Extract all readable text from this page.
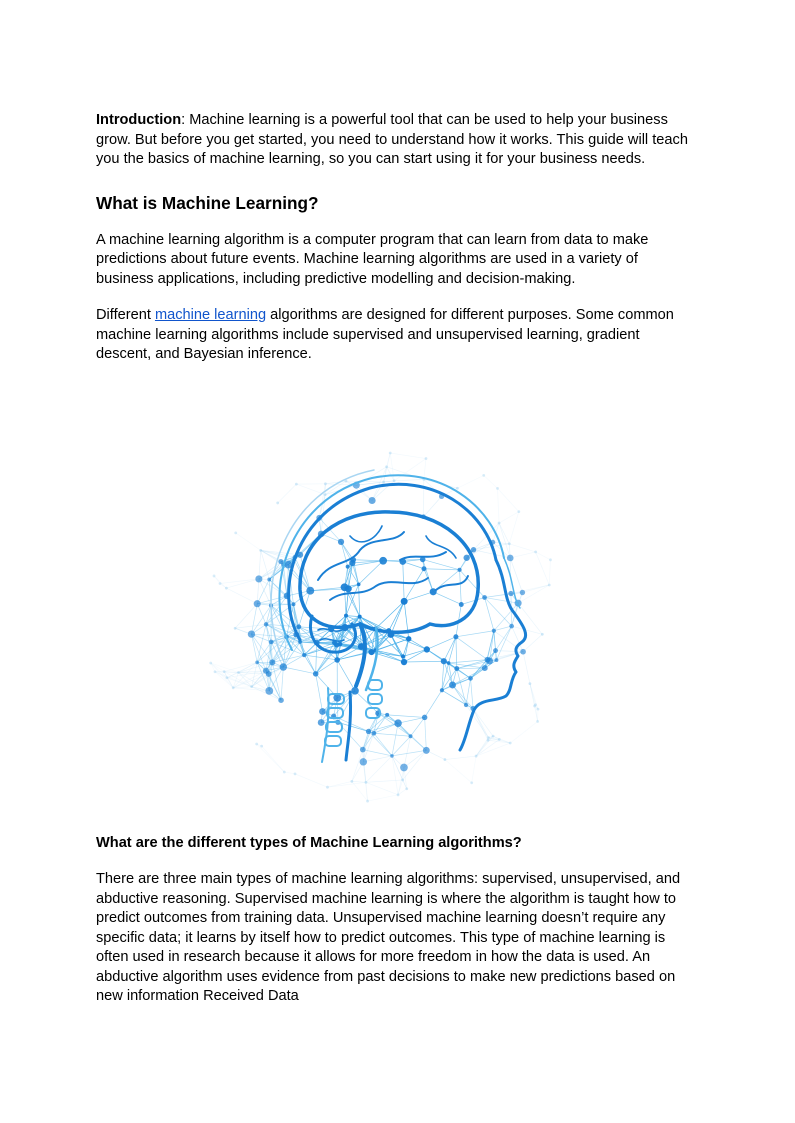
Introduction: Machine learning is a powerful tool that can be used to help your business grow. But before you get started, you need to understand how it works. This guide will teach you the basics of machine learning, so you can start using it for your business needs.

What is Machine Learning?

A machine learning algorithm is a computer program that can learn from data to make predictions about future events. Machine learning algorithms are used in a variety of business applications, including predictive modelling and decision-making.

Different machine learning algorithms are designed for different purposes. Some common machine learning algorithms include supervised and unsupervised learning, gradient descent, and Bayesian inference.

What are the different types of Machine Learning algorithms?

There are three main types of machine learning algorithms: supervised, unsupervised, and abductive reasoning. Supervised machine learning is where the algorithm is taught how to predict outcomes from training data. Unsupervised machine learning doesn’t require any specific data; it learns by itself how to predict outcomes. This type of machine learning is often used in research because it allows for more freedom in how the data is used. An abductive algorithm uses evidence from past decisions to make new predictions based on new information Received Data
